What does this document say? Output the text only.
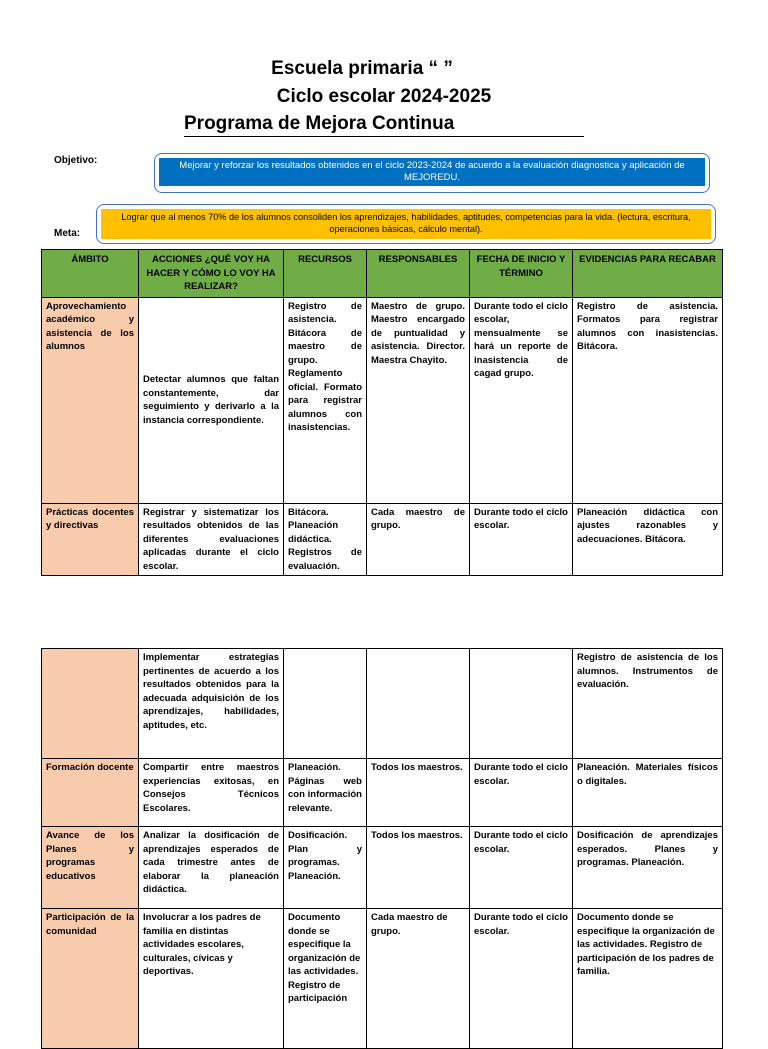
Escuela primaria “ ”
Ciclo escolar 2024-2025
Programa de Mejora Continua
Objetivo:	Mejorar y reforzar los resultados obtenidos en el ciclo 2023-2024 de acuerdo a la evaluación diagnostica y aplicación de MEJOREDU.
Lograr que al menos 70% de los alumnos consoliden los aprendizajes, habilidades, aptitudes, competencias para la vida. (lectura, escritura, operaciones básicas, cálculo mental).
Meta:
ÁMBITO	ACCIONES ¿QUÉ VOY HA HACER Y CÓMO LO VOY HA REALIZAR?	RECURSOS	RESPONSABLES	FECHA DE INICIO Y TÉRMINO	EVIDENCIAS PARA RECABAR
Aprovechamiento académico y asistencia de los alumnos	Detectar alumnos que faltan constantemente, dar seguimiento y derivarlo a la instancia correspondiente.	Registro de asistencia. Bitácora de maestro de grupo. Reglamento oficial. Formato para registrar alumnos con inasistencias.	Maestro de grupo. Maestro encargado de puntualidad y asistencia. Director. Maestra Chayito.	Durante todo el ciclo escolar, mensualmente se hará un reporte de inasistencia de cagad grupo.	Registro de asistencia. Formatos para registrar alumnos con inasistencias. Bitácora.
Prácticas docentes y directivas	Registrar y sistematizar los resultados obtenidos de las diferentes evaluaciones aplicadas durante el ciclo escolar.	Bitácora. Planeación didáctica. Registros de evaluación.	Cada maestro de grupo.	Durante todo el ciclo escolar.	Planeación didáctica con ajustes razonables y adecuaciones. Bitácora.
	Implementar estrategias pertinentes de acuerdo a los resultados obtenidos para la adecuada adquisición de los aprendizajes, habilidades, aptitudes, etc.				Registro de asistencia de los alumnos. Instrumentos de evaluación.
Formación docente	Compartir entre maestros experiencias exitosas, en Consejos Técnicos Escolares.	Planeación. Páginas web con información relevante.	Todos los maestros.	Durante todo el ciclo escolar.	Planeación. Materiales físicos o digitales.
Avance de los Planes y programas educativos	Analizar la dosificación de aprendizajes esperados de cada trimestre antes de elaborar la planeación didáctica.	Dosificación. Plan y programas. Planeación.	Todos los maestros.	Durante todo el ciclo escolar.	Dosificación de aprendizajes esperados. Planes y programas. Planeación.
Participación de la comunidad	Involucrar a los padres de familia en distintas actividades escolares, culturales, cívicas y deportivas.	Documento donde se especifique la organización de las actividades. Registro de participación	Cada maestro de grupo.	Durante todo el ciclo escolar.	Documento donde se especifique la organización de las actividades. Registro de participación de los padres de familia.
